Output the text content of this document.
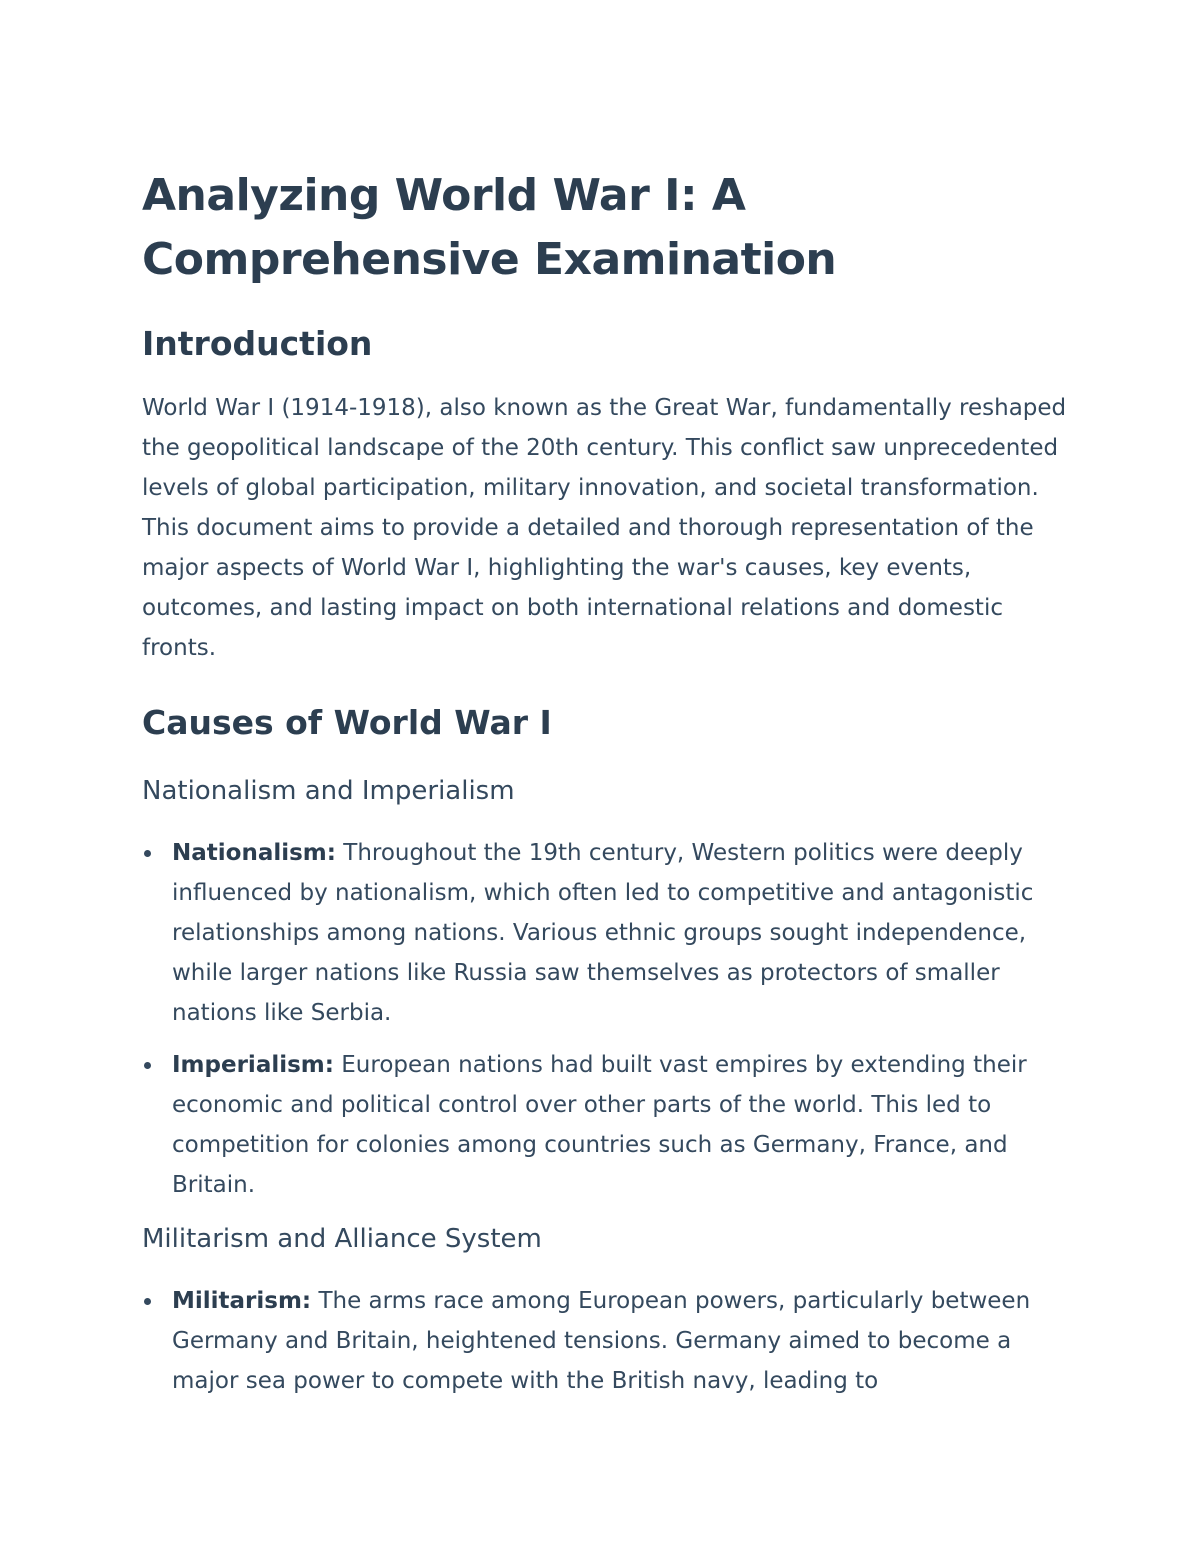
Analyzing World War I: A Comprehensive Examination
Introduction

World War I (1914-1918), also known as the Great War, fundamentally reshaped the geopolitical landscape of the 20th century. This conflict saw unprecedented levels of global participation, military innovation, and societal transformation. This document aims to provide a detailed and thorough representation of the major aspects of World War I, highlighting the war's causes, key events, outcomes, and lasting impact on both international relations and domestic fronts.

Causes of World War I
Nationalism and Imperialism
Nationalism: Throughout the 19th century, Western politics were deeply influenced by nationalism, which often led to competitive and antagonistic relationships among nations. Various ethnic groups sought independence, while larger nations like Russia saw themselves as protectors of smaller nations like Serbia.
Imperialism: European nations had built vast empires by extending their economic and political control over other parts of the world. This led to competition for colonies among countries such as Germany, France, and Britain.
Militarism and Alliance System
Militarism: The arms race among European powers, particularly between Germany and Britain, heightened tensions. Germany aimed to become a major sea power to compete with the British navy, leading to
